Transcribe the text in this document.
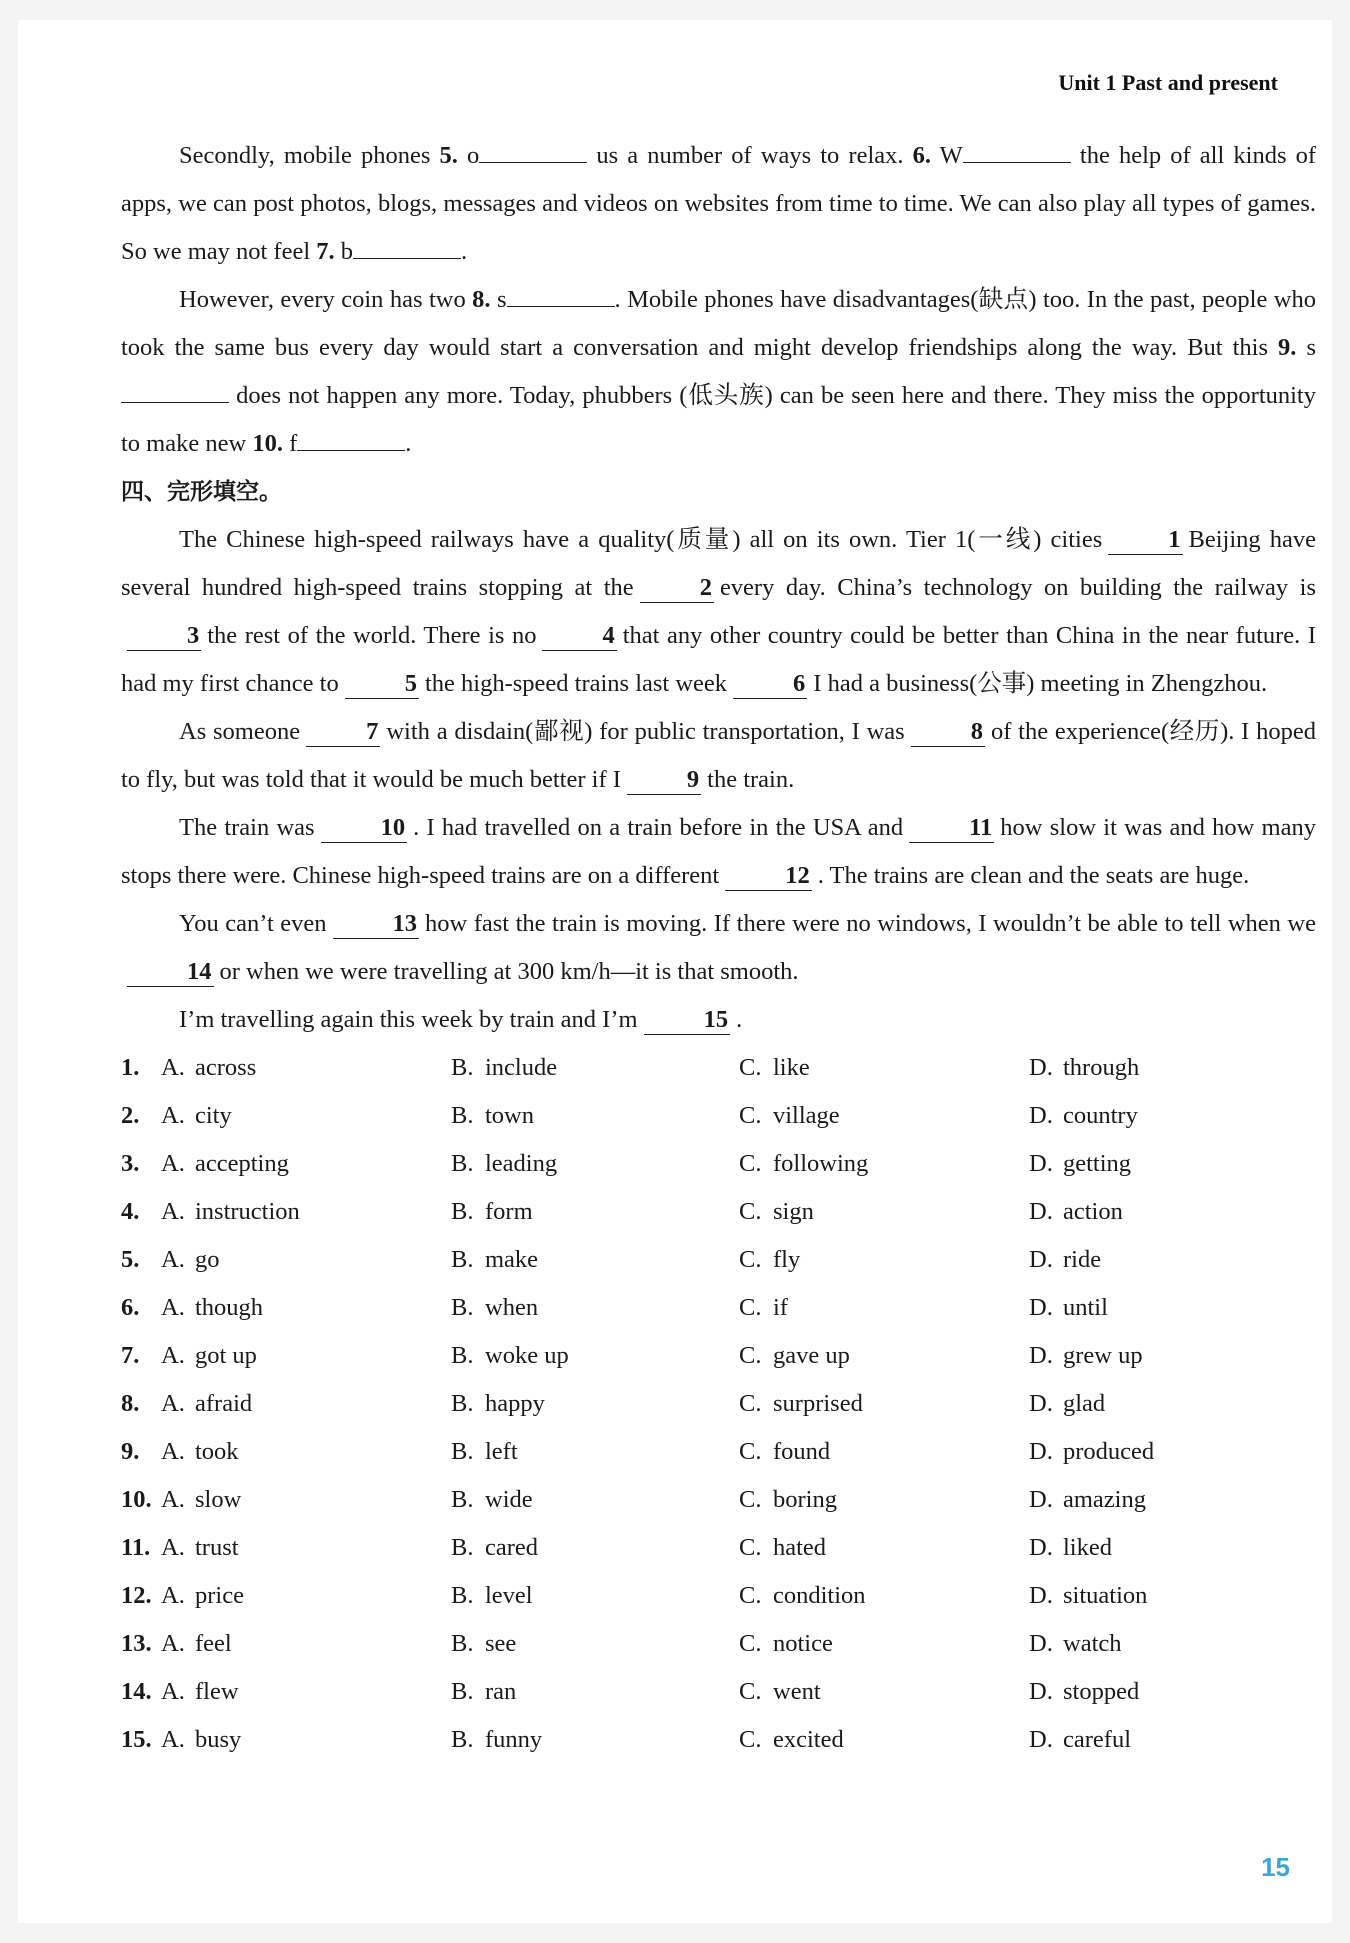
Unit 1 Past and present

Secondly, mobile phones 5. o	us a number of ways to relax. 6. W	the help of all kinds of apps, we can post photos, blogs, messages and videos on websites from time to time. We can also play all types of games. So we may not feel 7. b	.

However, every coin has two 8. s	. Mobile phones have disadvantages(缺点) too. In the past, people who took the same bus every day would start a conversation and might develop friendships along the way. But this 9. s does not happen any more. Today, phubbers (低头族) can be seen here and there. They miss the opportunity to make new 10. f	.

四、完形填空。

The Chinese high-speed railways have a quality(质量) all on its own. Tier 1(一线) cities	1 Beijing have several hundred high-speed trains stopping at the	2 every day. China’s technology on building the railway is3 the rest of the world. There is no	4 that any other country could be better than China in the near future. I had my first chance to	5 the high-speed trains last week	6 I had a business(公事) meeting in Zhengzhou.

As someone	7 with a disdain(鄙视) for public transportation, I was	8 of the experience(经历). I hoped to fly, but was told that it would be much better if I	9 the train.

The train was	10 . I had travelled on a train before in the USA and	11 how slow it was and how many stops there were. Chinese high-speed trains are on a different	12 . The trains are clean and the seats are huge.

You can’t even	13 how fast the train is moving. If there were no windows, I wouldn’t be able to tell when we14 or when we were travelling at 300 km/h—it is that smooth.

I’m travelling again this week by train and I’m	15 .

1. A. across	B. include	C. like	D. through
2. A. city	B. town	C. village	D. country
3. A. accepting	B. leading	C. following	D. getting
4. A. instruction	B. form	C. sign	D. action
5. A. go	B. make	C. fly	D. ride
6. A. though	B. when	C. if	D. until
7. A. got up	B. woke up	C. gave up	D. grew up
8. A. afraid	B. happy	C. surprised	D. glad
9. A. took	B. left	C. found	D. produced
10. A. slow	B. wide	C. boring	D. amazing
11. A. trust	B. cared	C. hated	D. liked
12. A. price	B. level	C. condition	D. situation
13. A. feel	B. see	C. notice	D. watch
14. A. flew	B. ran	C. went	D. stopped
15. A. busy	B. funny	C. excited	D. careful
15
